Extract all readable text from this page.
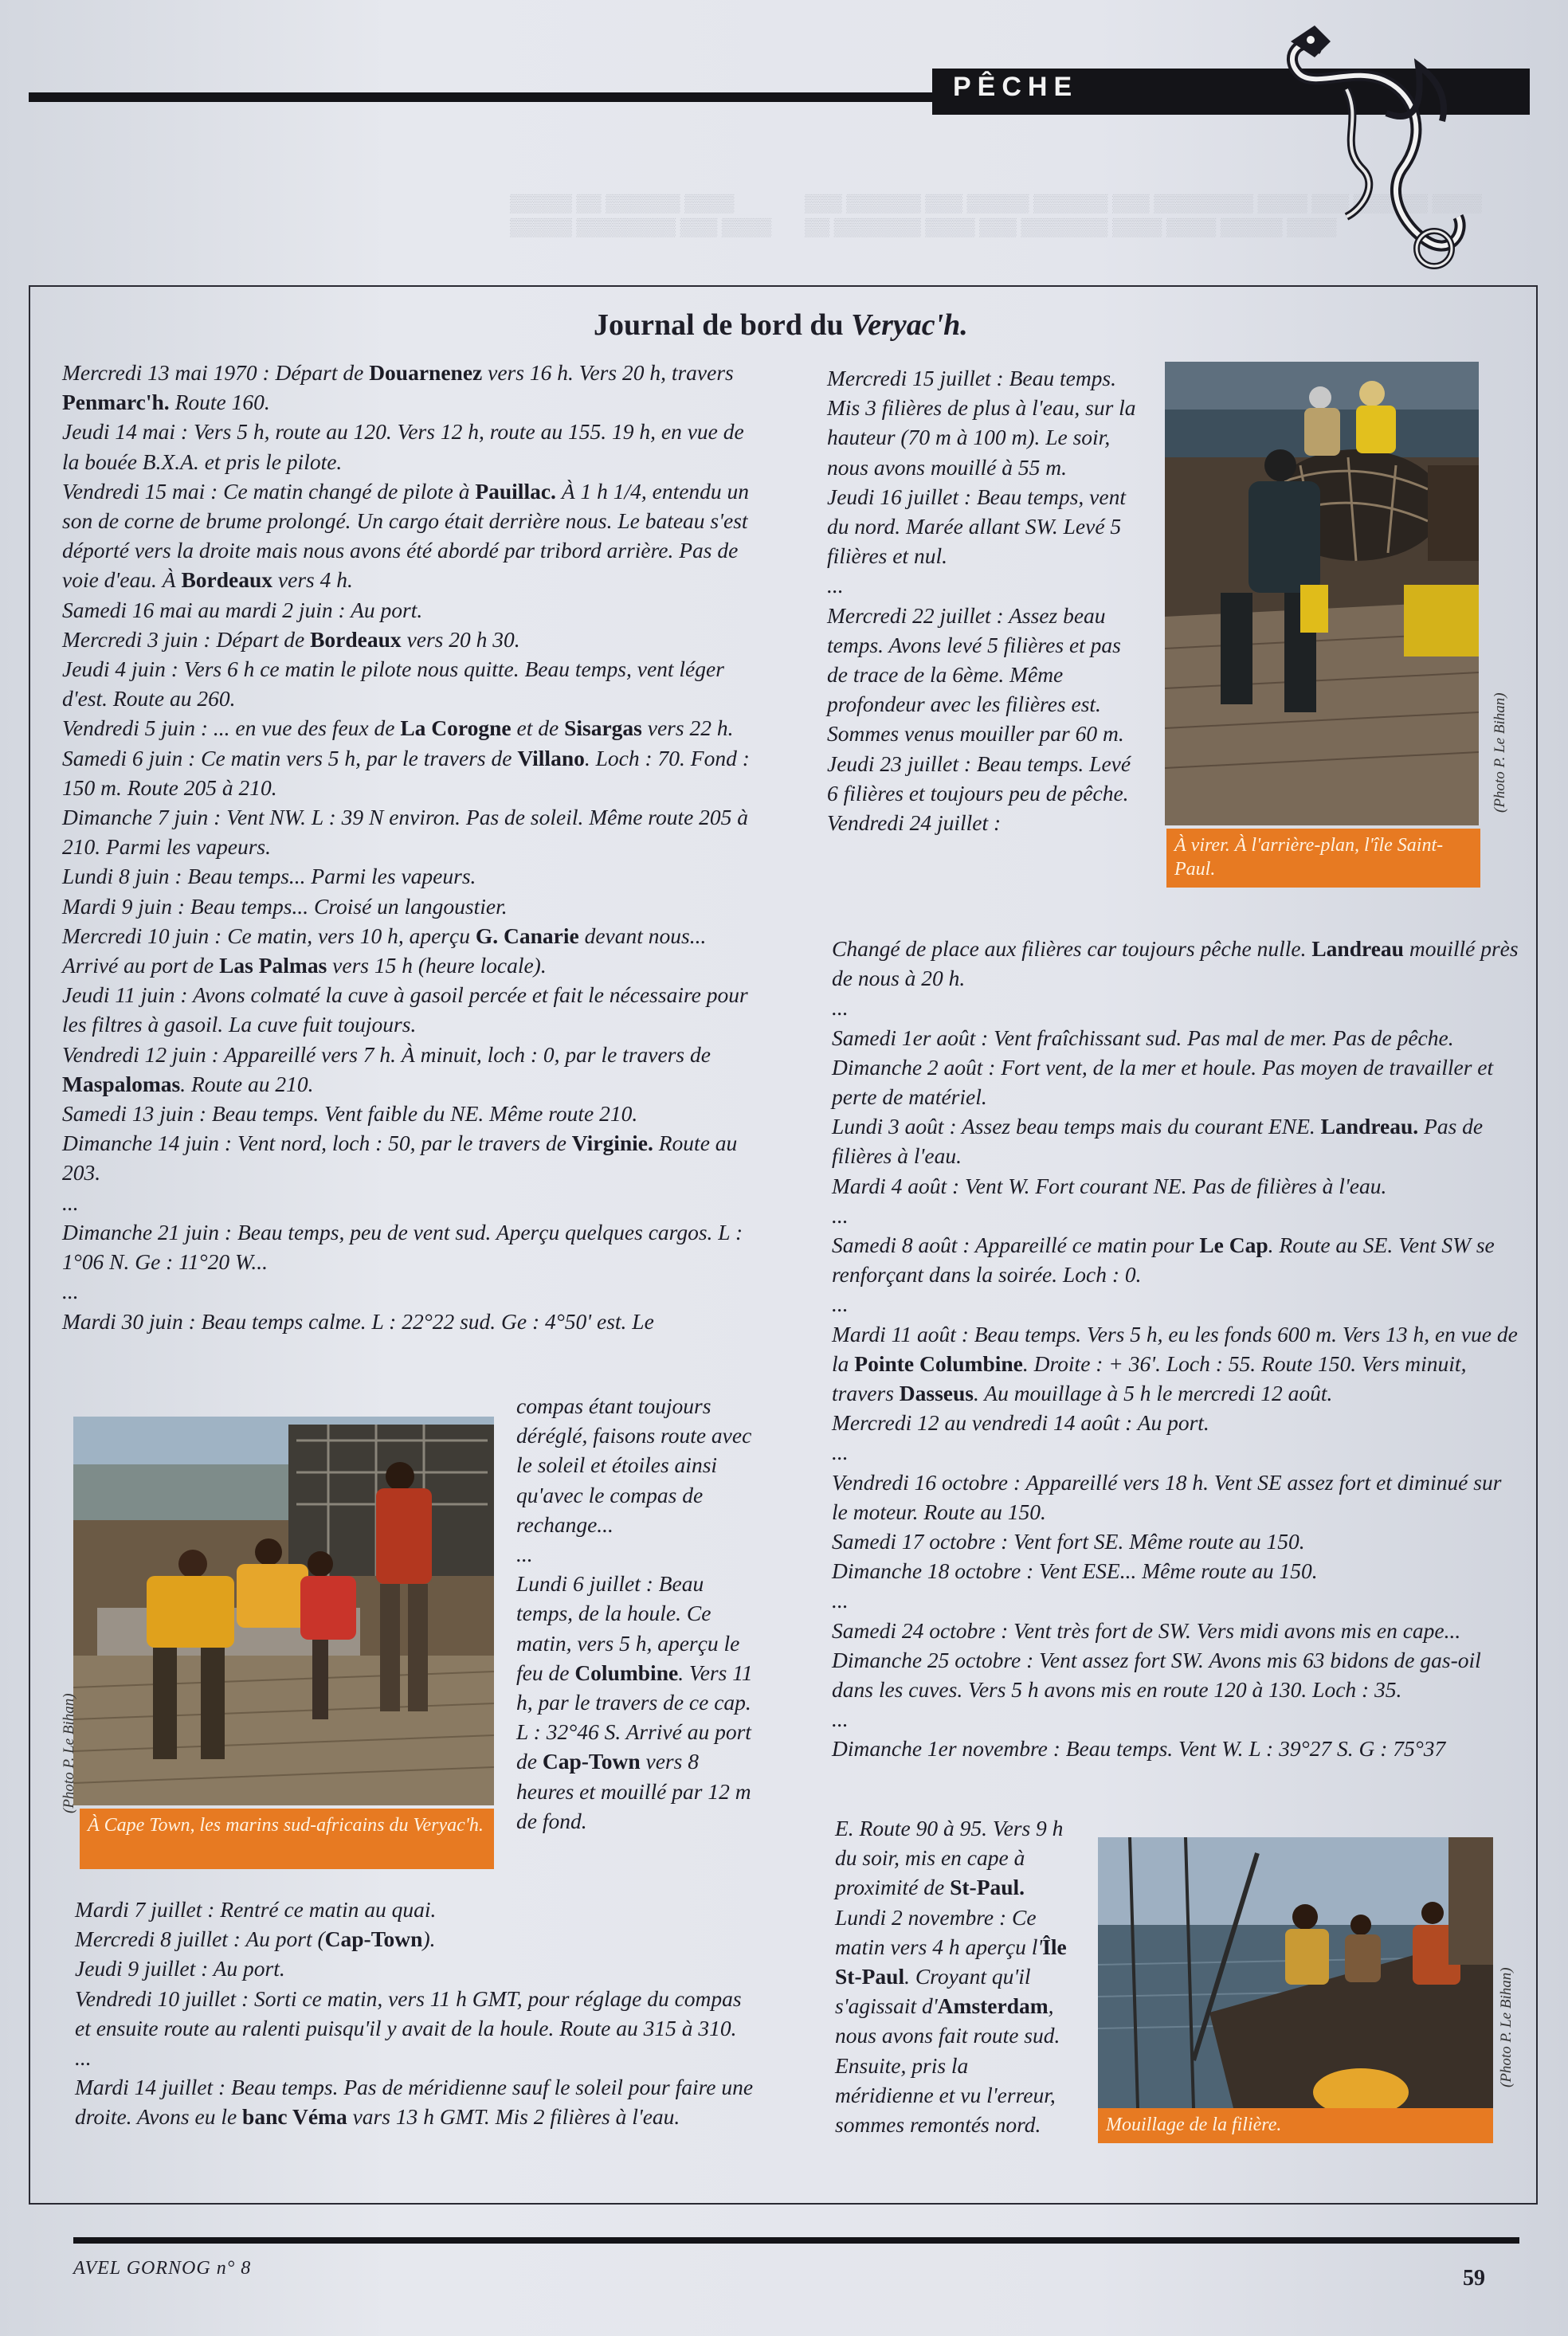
▒▒▒ ▒▒▒▒▒▒ ▒▒▒ ▒▒▒▒▒ ▒▒▒▒▒▒ ▒▒▒ ▒▒▒▒▒▒▒▒ ▒▒▒▒ ▒▒▒ ▒▒▒▒▒▒ ▒▒▒▒ ▒▒ ▒▒▒▒▒▒▒ ▒▒▒▒ ▒▒▒ ▒▒▒▒▒▒▒ ▒▒▒▒ ▒▒▒▒ ▒▒▒▒▒ ▒▒▒▒
▒▒▒▒▒ ▒▒ ▒▒▒▒▒▒ ▒▒▒▒ ▒▒▒▒▒ ▒▒▒▒▒▒▒▒ ▒▒▒ ▒▒▒▒
PÊCHE
Journal de bord du Veryac'h.

Mercredi 13 mai 1970 : Départ de Douarnenez vers 16 h. Vers 20 h, travers Penmarc'h. Route 160.

Jeudi 14 mai : Vers 5 h, route au 120. Vers 12 h, route au 155. 19 h, en vue de la bouée B.X.A. et pris le pilote.

Vendredi 15 mai : Ce matin changé de pilote à Pauillac. À 1 h 1/4, entendu un son de corne de brume prolongé. Un cargo était derrière nous. Le bateau s'est déporté vers la droite mais nous avons été abordé par tribord arrière. Pas de voie d'eau. À Bordeaux vers 4 h.

Samedi 16 mai au mardi 2 juin : Au port.

Mercredi 3 juin : Départ de Bordeaux vers 20 h 30.

Jeudi 4 juin : Vers 6 h ce matin le pilote nous quitte. Beau temps, vent léger d'est. Route au 260.

Vendredi 5 juin : ... en vue des feux de La Corogne et de Sisargas vers 22 h.

Samedi 6 juin : Ce matin vers 5 h, par le travers de Villano. Loch : 70. Fond : 150 m. Route 205 à 210.

Dimanche 7 juin : Vent NW. L : 39 N environ. Pas de soleil. Même route 205 à 210. Parmi les vapeurs.

Lundi 8 juin : Beau temps... Parmi les vapeurs.

Mardi 9 juin : Beau temps... Croisé un langoustier.

Mercredi 10 juin : Ce matin, vers 10 h, aperçu G. Canarie devant nous... Arrivé au port de Las Palmas vers 15 h (heure locale).

Jeudi 11 juin : Avons colmaté la cuve à gasoil percée et fait le nécessaire pour les filtres à gasoil. La cuve fuit toujours.

Vendredi 12 juin : Appareillé vers 7 h. À minuit, loch : 0, par le travers de Maspalomas. Route au 210.

Samedi 13 juin : Beau temps. Vent faible du NE. Même route 210.

Dimanche 14 juin : Vent nord, loch : 50, par le travers de Virginie. Route au 203.

...

Dimanche 21 juin : Beau temps, peu de vent sud. Aperçu quelques cargos. L : 1°06 N. Ge : 11°20 W...

...

Mardi 30 juin : Beau temps calme. L : 22°22 sud. Ge : 4°50' est. Le

À Cape Town, les marins sud-africains du Veryac'h.
(Photo P. Le Bihan)

compas étant toujours déréglé, faisons route avec le soleil et étoiles ainsi qu'avec le compas de rechange...

...

Lundi 6 juillet : Beau temps, de la houle. Ce matin, vers 5 h, aperçu le feu de Columbine. Vers 11 h, par le travers de ce cap. L : 32°46 S. Arrivé au port de Cap-Town vers 8 heures et mouillé par 12 m de fond.

Mardi 7 juillet : Rentré ce matin au quai.

Mercredi 8 juillet : Au port (Cap-Town).

Jeudi 9 juillet : Au port.

Vendredi 10 juillet : Sorti ce matin, vers 11 h GMT, pour réglage du compas et ensuite route au ralenti puisqu'il y avait de la houle. Route au 315 à 310.

...

Mardi 14 juillet : Beau temps. Pas de méridienne sauf le soleil pour faire une droite. Avons eu le banc Véma vars 13 h GMT. Mis 2 filières à l'eau.

Mercredi 15 juillet : Beau temps. Mis 3 filières de plus à l'eau, sur la hauteur (70 m à 100 m). Le soir, nous avons mouillé à 55 m.

Jeudi 16 juillet : Beau temps, vent du nord. Marée allant SW. Levé 5 filières et nul.

...

Mercredi 22 juillet : Assez beau temps. Avons levé 5 filières et pas de trace de la 6ème. Même profondeur avec les filières est. Sommes venus mouiller par 60 m.

Jeudi 23 juillet : Beau temps. Levé 6 filières et toujours peu de pêche.

Vendredi 24 juillet :

À virer. À l'arrière-plan, l'île Saint-Paul.
(Photo P. Le Bihan)

Changé de place aux filières car toujours pêche nulle. Landreau mouillé près de nous à 20 h.

...

Samedi 1er août : Vent fraîchissant sud. Pas mal de mer. Pas de pêche.

Dimanche 2 août : Fort vent, de la mer et houle. Pas moyen de travailler et perte de matériel.

Lundi 3 août : Assez beau temps mais du courant ENE. Landreau. Pas de filières à l'eau.

Mardi 4 août : Vent W. Fort courant NE. Pas de filières à l'eau.

...

Samedi 8 août : Appareillé ce matin pour Le Cap. Route au SE. Vent SW se renforçant dans la soirée. Loch : 0.

...

Mardi 11 août : Beau temps. Vers 5 h, eu les fonds 600 m. Vers 13 h, en vue de la Pointe Columbine. Droite : + 36'. Loch : 55. Route 150. Vers minuit, travers Dasseus. Au mouillage à 5 h le mercredi 12 août.

Mercredi 12 au vendredi 14 août : Au port.

...

Vendredi 16 octobre : Appareillé vers 18 h. Vent SE assez fort et diminué sur le moteur. Route au 150.

Samedi 17 octobre : Vent fort SE. Même route au 150.

Dimanche 18 octobre : Vent ESE... Même route au 150.

...

Samedi 24 octobre : Vent très fort de SW. Vers midi avons mis en cape...

Dimanche 25 octobre : Vent assez fort SW. Avons mis 63 bidons de gas-oil dans les cuves. Vers 5 h avons mis en route 120 à 130. Loch : 35.

...

Dimanche 1er novembre : Beau temps. Vent W. L : 39°27 S. G : 75°37

E. Route 90 à 95. Vers 9 h du soir, mis en cape à proximité de St-Paul.

Lundi 2 novembre : Ce matin vers 4 h aperçu l'Île St-Paul. Croyant qu'il s'agissait d'Amsterdam, nous avons fait route sud. Ensuite, pris la méridienne et vu l'erreur, sommes remontés nord.	Mouillage de la filière.
(Photo P. Le Bihan)
AVEL GORNOG n° 8	59
